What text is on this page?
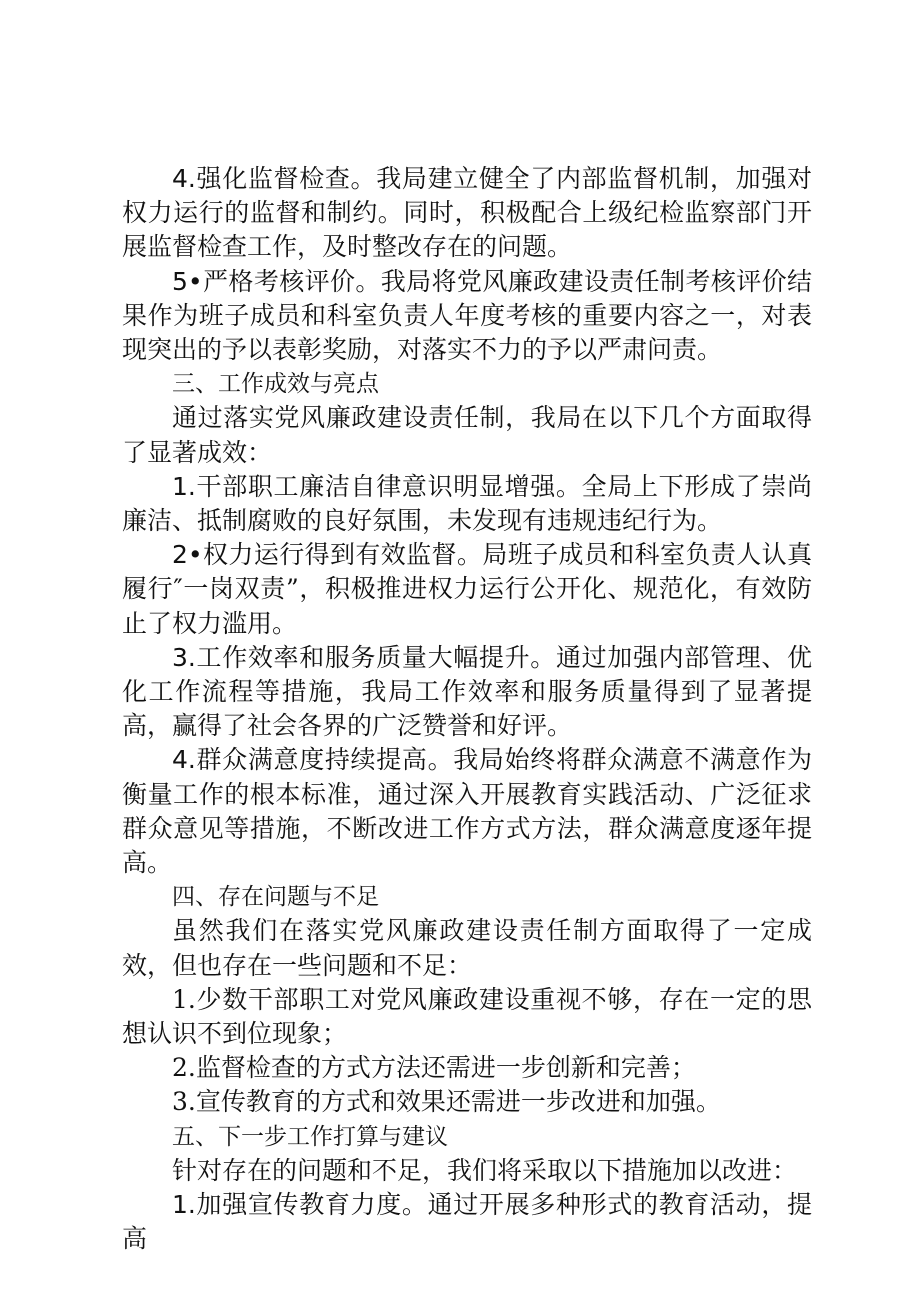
4.强化监督检查。我局建立健全了内部监督机制，加强对权力运行的监督和制约。同时，积极配合上级纪检监察部门开展监督检查工作，及时整改存在的问题。

5•严格考核评价。我局将党风廉政建设责任制考核评价结果作为班子成员和科室负责人年度考核的重要内容之一，对表现突出的予以表彰奖励，对落实不力的予以严肃问责。

三、工作成效与亮点

通过落实党风廉政建设责任制，我局在以下几个方面取得了显著成效：

1.干部职工廉洁自律意识明显增强。全局上下形成了崇尚廉洁、抵制腐败的良好氛围，未发现有违规违纪行为。

2•权力运行得到有效监督。局班子成员和科室负责人认真履行″一岗双责”，积极推进权力运行公开化、规范化，有效防止了权力滥用。

3.工作效率和服务质量大幅提升。通过加强内部管理、优化工作流程等措施，我局工作效率和服务质量得到了显著提高，赢得了社会各界的广泛赞誉和好评。

4.群众满意度持续提高。我局始终将群众满意不满意作为衡量工作的根本标准，通过深入开展教育实践活动、广泛征求群众意见等措施，不断改进工作方式方法，群众满意度逐年提高。

四、存在问题与不足

虽然我们在落实党风廉政建设责任制方面取得了一定成效，但也存在一些问题和不足：

1.少数干部职工对党风廉政建设重视不够，存在一定的思想认识不到位现象；

2.监督检查的方式方法还需进一步创新和完善；

3.宣传教育的方式和效果还需进一步改进和加强。

五、下一步工作打算与建议

针对存在的问题和不足，我们将采取以下措施加以改进：

1.加强宣传教育力度。通过开展多种形式的教育活动，提高
